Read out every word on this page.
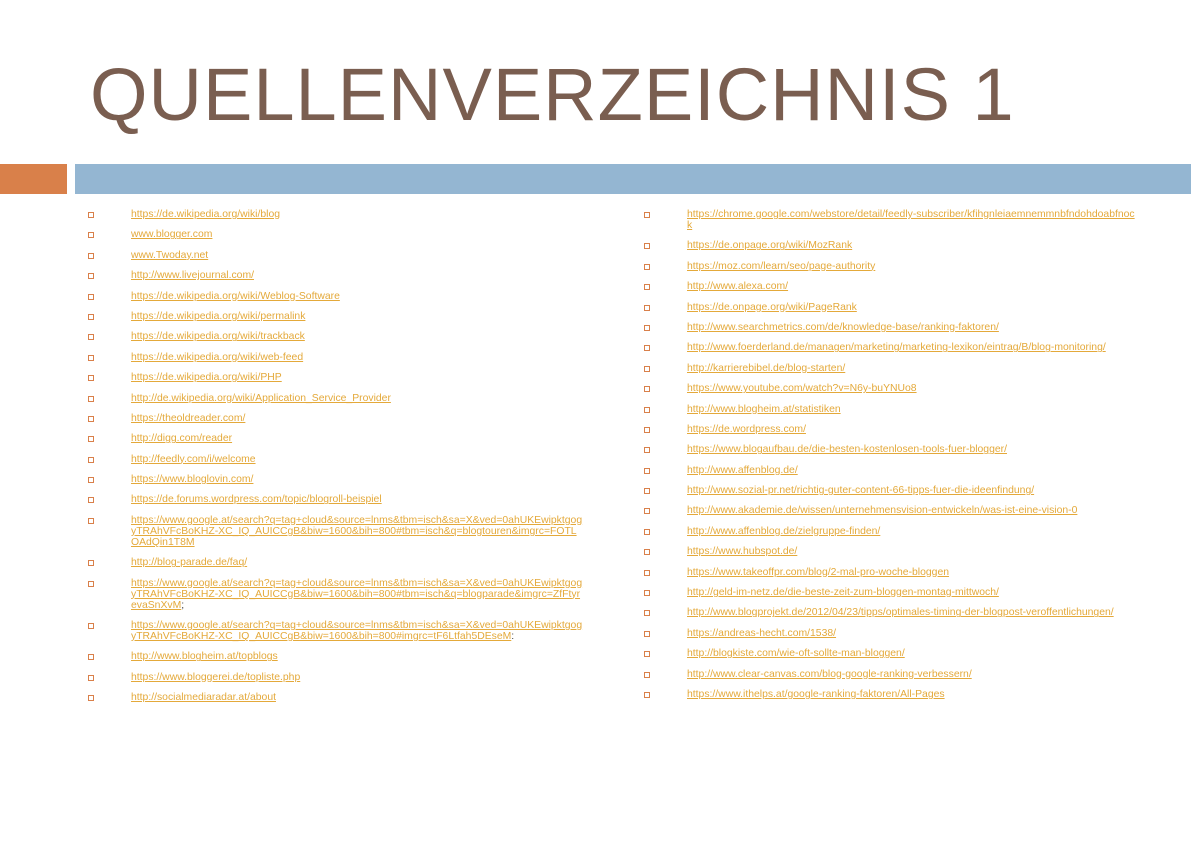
QUELLENVERZEICHNIS 1
https://de.wikipedia.org/wiki/blog
www.blogger.com
www.Twoday.net
http://www.livejournal.com/
https://de.wikipedia.org/wiki/Weblog-Software
https://de.wikipedia.org/wiki/permalink
https://de.wikipedia.org/wiki/trackback
https://de.wikipedia.org/wiki/web-feed
https://de.wikipedia.org/wiki/PHP
http://de.wikipedia.org/wiki/Application_Service_Provider
https://theoldreader.com/
http://digg.com/reader
http://feedly.com/i/welcome
https://www.bloglovin.com/
https://de.forums.wordpress.com/topic/blogroll-beispiel
https://www.google.at/search?q=tag+cloud&source=lnms&tbm=isch&sa=X&ved=0ahUKEwipktgogyTRAhVFcBoKHZ-XC_IQ_AUICCgB&biw=1600&bih=800#tbm=isch&q=blogtouren&imgrc=FOTLOAdQin1T8M
http://blog-parade.de/faq/
https://www.google.at/search?q=tag+cloud&source=lnms&tbm=isch&sa=X&ved=0ahUKEwipktgogyTRAhVFcBoKHZ-XC_IQ_AUICCgB&biw=1600&bih=800#tbm=isch&q=blogparade&imgrc=ZfFtyrevaSnXvM;
https://www.google.at/search?q=tag+cloud&source=lnms&tbm=isch&sa=X&ved=0ahUKEwipktgogyTRAhVFcBoKHZ-XC_IQ_AUICCgB&biw=1600&bih=800#imgrc=tF6Ltfah5DEseM:
http://www.blogheim.at/topblogs
https://www.bloggerei.de/topliste.php
http://socialmediaradar.at/about
https://chrome.google.com/webstore/detail/feedly-subscriber/kfihgnleiaemnemmnbfndohdoabfnock
https://de.onpage.org/wiki/MozRank
https://moz.com/learn/seo/page-authority
http://www.alexa.com/
https://de.onpage.org/wiki/PageRank
http://www.searchmetrics.com/de/knowledge-base/ranking-faktoren/
http://www.foerderland.de/managen/marketing/marketing-lexikon/eintrag/B/blog-monitoring/
http://karrierebibel.de/blog-starten/
https://www.youtube.com/watch?v=N6y-buYNUo8
http://www.blogheim.at/statistiken
https://de.wordpress.com/
https://www.blogaufbau.de/die-besten-kostenlosen-tools-fuer-blogger/
http://www.affenblog.de/
http://www.sozial-pr.net/richtig-guter-content-66-tipps-fuer-die-ideenfindung/
http://www.akademie.de/wissen/unternehmensvision-entwickeln/was-ist-eine-vision-0
http://www.affenblog.de/zielgruppe-finden/
https://www.hubspot.de/
https://www.takeoffpr.com/blog/2-mal-pro-woche-bloggen
http://geld-im-netz.de/die-beste-zeit-zum-bloggen-montag-mittwoch/
http://www.blogprojekt.de/2012/04/23/tipps/optimales-timing-der-blogpost-veroffentlichungen/
https://andreas-hecht.com/1538/
http://blogkiste.com/wie-oft-sollte-man-bloggen/
http://www.clear-canvas.com/blog-google-ranking-verbessern/
https://www.ithelps.at/google-ranking-faktoren/All-Pages
